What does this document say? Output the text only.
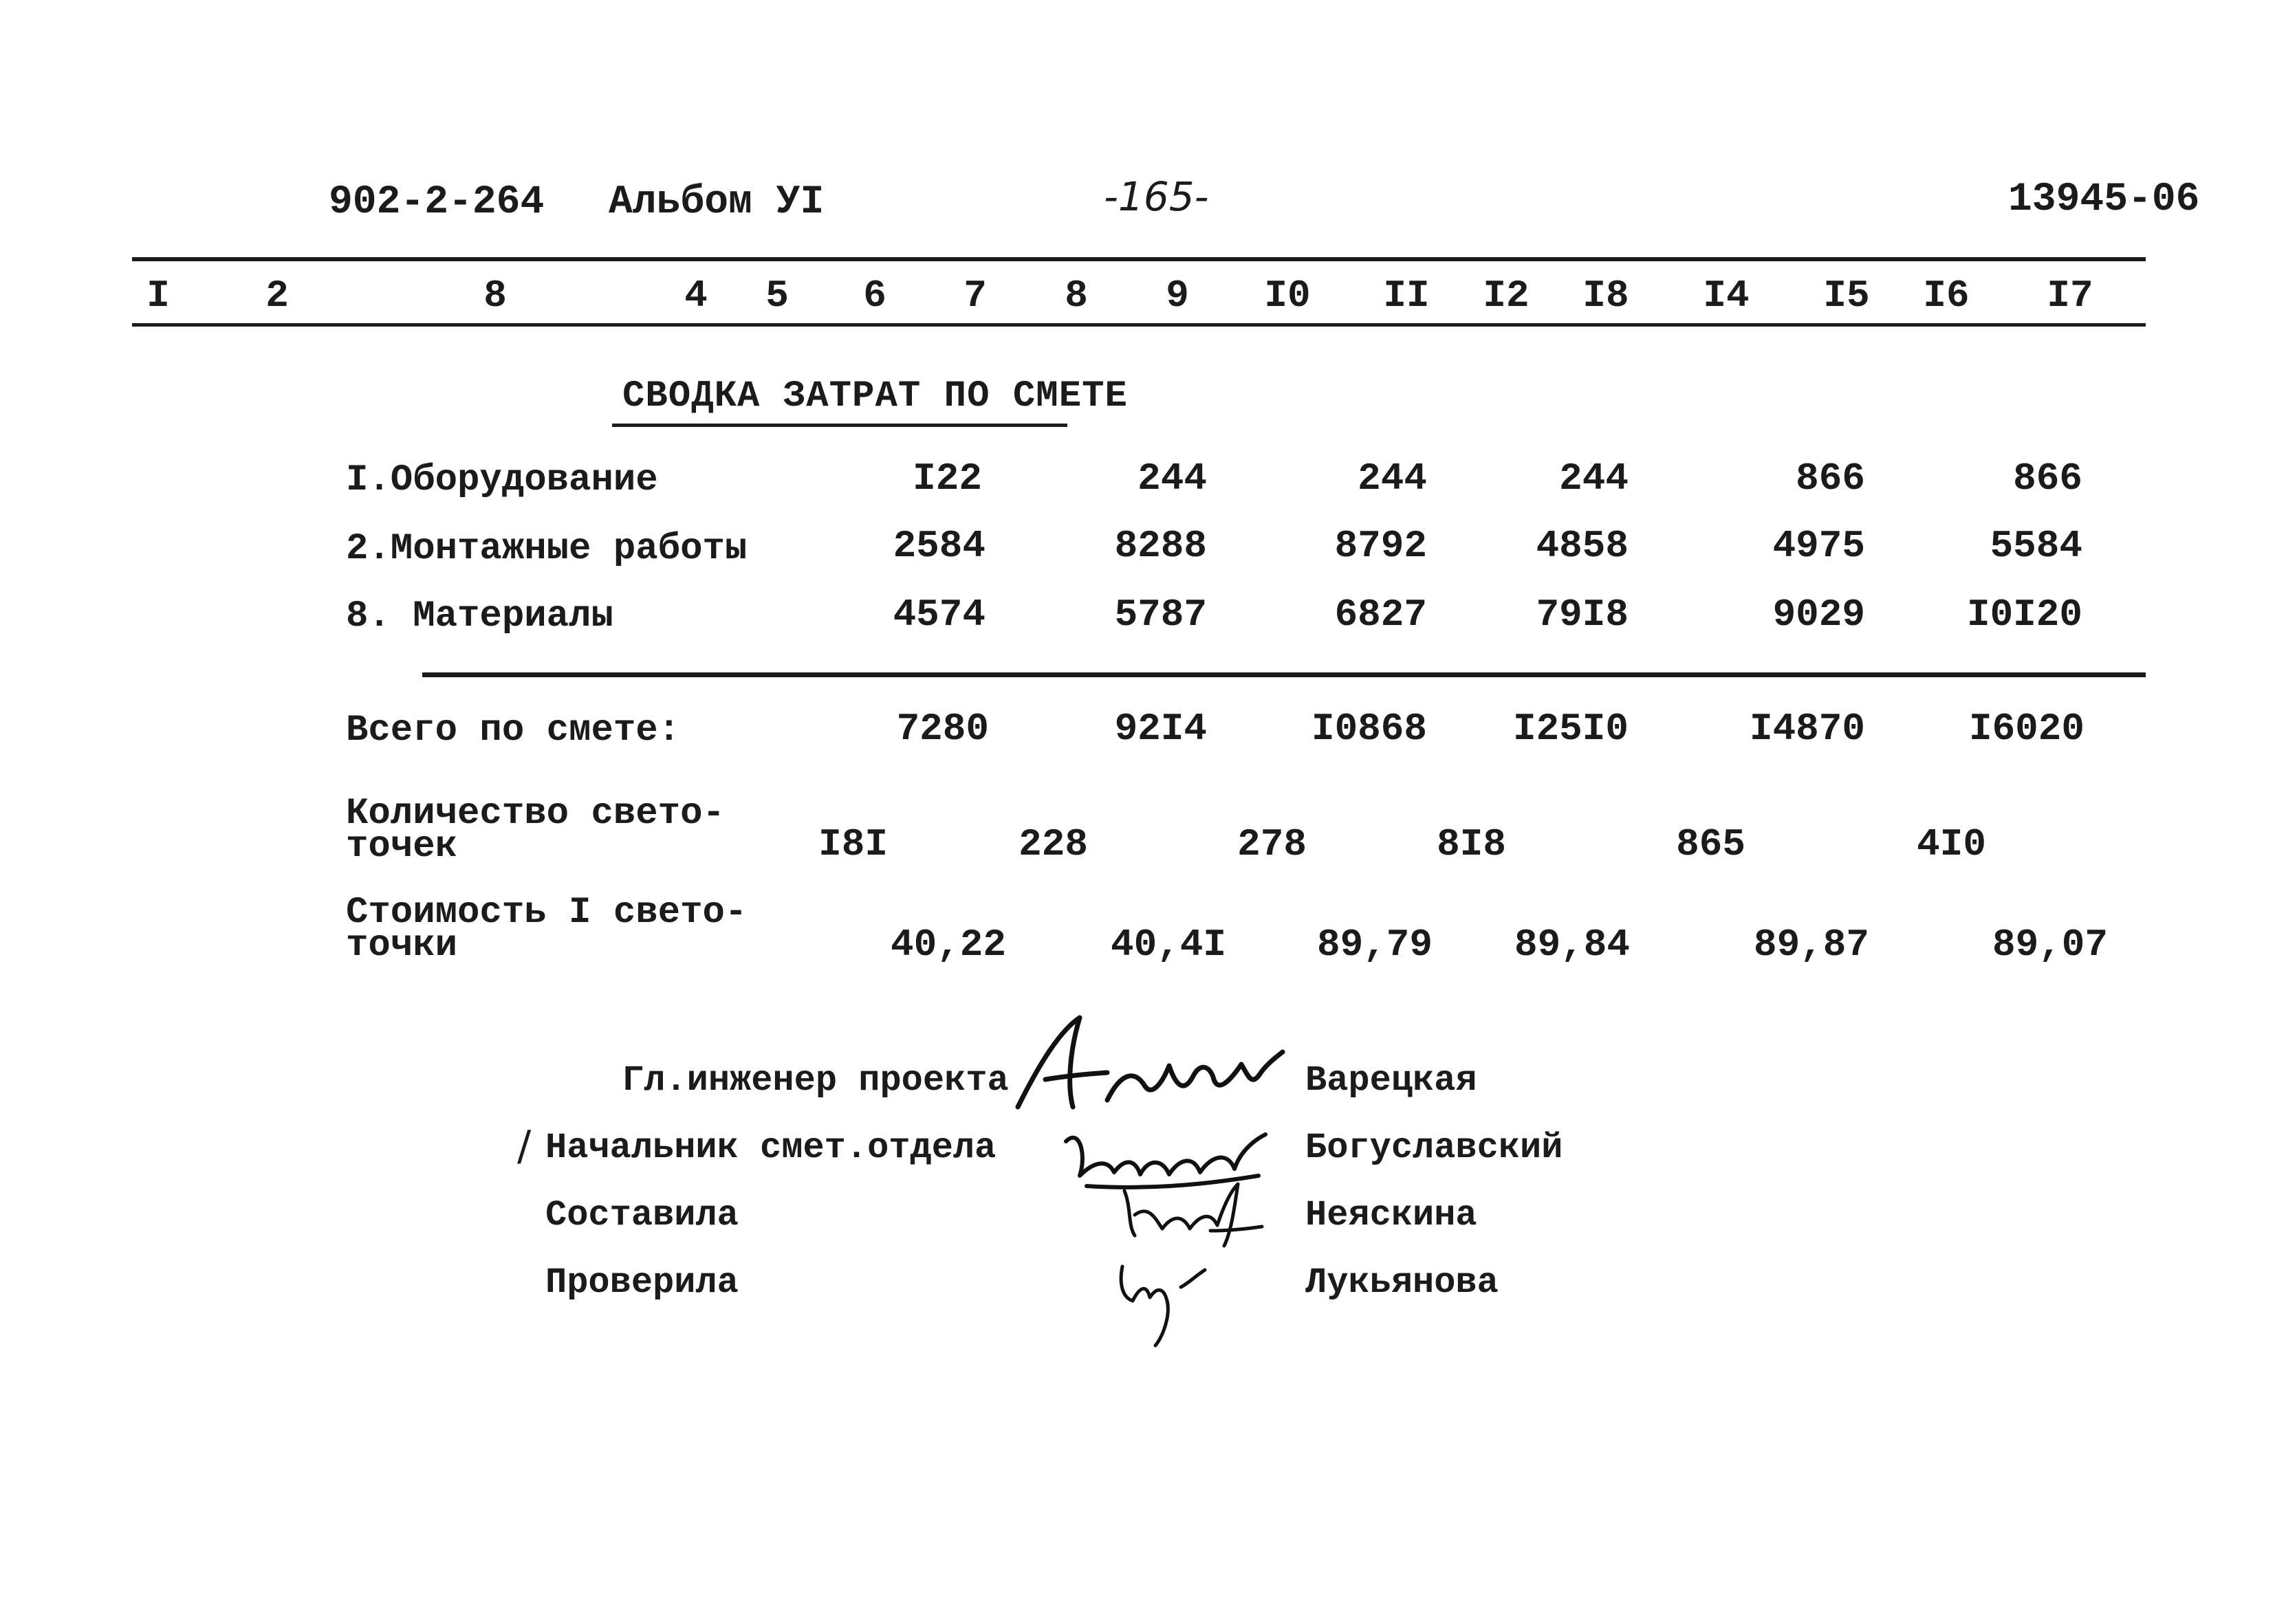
902-2-264 Альбом УI	-165-	13945-06
I 2	8	4 5 6 7 8 9 I0 II I2 I8 I4 I5 I6 I7
СВОДКА ЗАТРАТ ПО СМЕТЕ
I.Оборудование	I22	244	244	244	866	866
2.Монтажные работы	2584	8288	8792	4858	4975	5584
8. Материалы	4574	5787	6827	79I8	9029	I0I20
Всего по смете:	7280	92I4	I0868 I25I0	I4870	I6020
Количество свето-
точек	I8I	228	278	8I8	865	4I0
Стоимость I свето-
точки	40,22	40,4I 89,79 89,84	89,87	89,07
Гл.инженер проекта	Варецкая
/ Начальник смет.отдела	Богуславский
Составила	Неяскина
Проверила	Лукьянова
